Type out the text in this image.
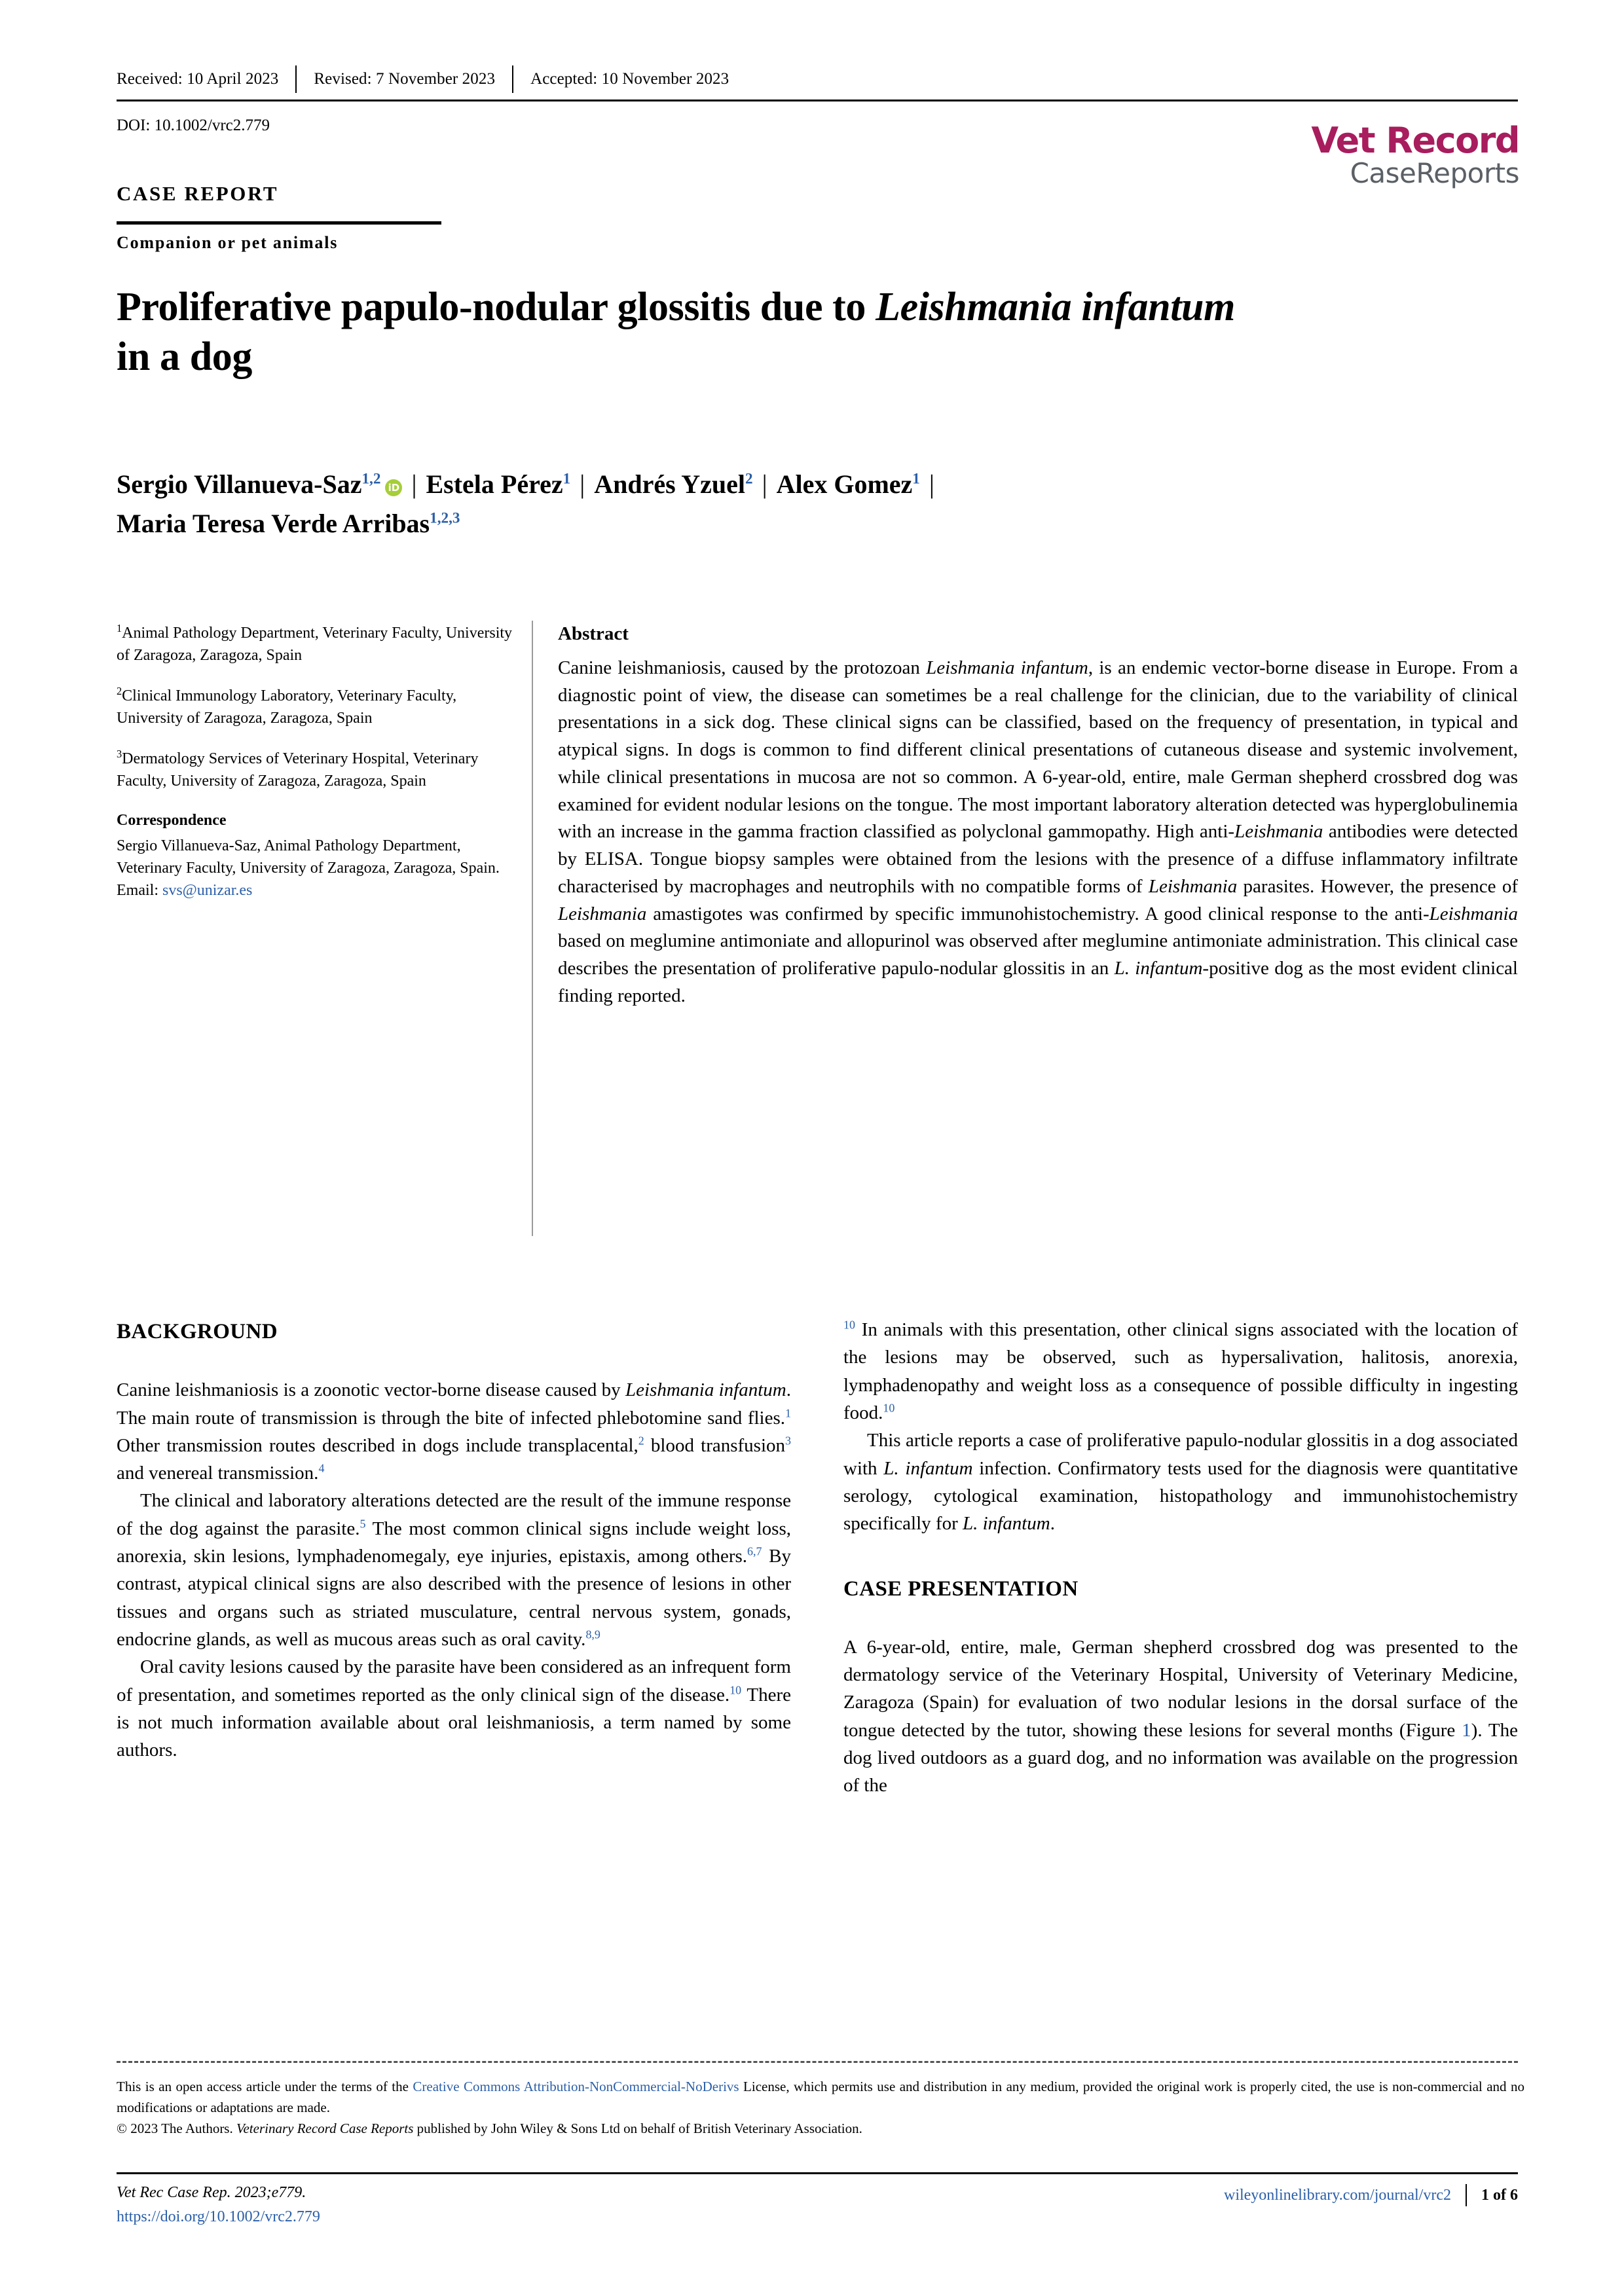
Received: 10 April 2023	Revised: 7 November 2023	Accepted: 10 November 2023
DOI: 10.1002/vrc2.779	Vet Record
CaseReports
CASE REPORT
Companion or pet animals
Proliferative papulo-nodular glossitis due to Leishmania infantum
in a dog
Sergio Villanueva-Saz$^{1,2}$iD | Estela Pérez$^1$ | Andrés Yzuel$^2$ | Alex Gomez$^1$ |
Maria Teresa Verde Arribas$^{1,2,3}$

$^1$Animal Pathology Department, Veterinary Faculty, University of Zaragoza, Zaragoza, Spain

$^2$Clinical Immunology Laboratory, Veterinary Faculty, University of Zaragoza, Zaragoza, Spain

$^3$Dermatology Services of Veterinary Hospital, Veterinary Faculty, University of Zaragoza, Zaragoza, Spain

Correspondence

Sergio Villanueva-Saz, Animal Pathology Department, Veterinary Faculty, University of Zaragoza, Zaragoza, Spain.
Email: svs@unizar.es

Abstract
Canine leishmaniosis, caused by the protozoan Leishmania infantum, is an endemic vector-borne disease in Europe. From a diagnostic point of view, the disease can sometimes be a real challenge for the clinician, due to the variability of clinical presentations in a sick dog. These clinical signs can be classified, based on the frequency of presentation, in typical and atypical signs. In dogs is common to find different clinical presentations of cutaneous disease and systemic involvement, while clinical presentations in mucosa are not so common. A 6-year-old, entire, male German shepherd crossbred dog was examined for evident nodular lesions on the tongue. The most important laboratory alteration detected was hyperglobulinemia with an increase in the gamma fraction classified as polyclonal gammopathy. High anti-Leishmania antibodies were detected by ELISA. Tongue biopsy samples were obtained from the lesions with the presence of a diffuse inflammatory infiltrate characterised by macrophages and neutrophils with no compatible forms of Leishmania parasites. However, the presence of Leishmania amastigotes was confirmed by specific immunohistochemistry. A good clinical response to the anti-Leishmania based on meglumine antimoniate and allopurinol was observed after meglumine antimoniate administration. This clinical case describes the presentation of proliferative papulo-nodular glossitis in an L. infantum-positive dog as the most evident clinical finding reported.
BACKGROUND

Canine leishmaniosis is a zoonotic vector-borne disease caused by Leishmania infantum. The main route of transmission is through the bite of infected phlebotomine sand flies.$^1$ Other transmission routes described in dogs include transplacental,$^2$ blood transfusion$^3$ and venereal transmission.$^4$

The clinical and laboratory alterations detected are the result of the immune response of the dog against the parasite.$^5$ The most common clinical signs include weight loss, anorexia, skin lesions, lymphadenomegaly, eye injuries, epistaxis, among others.$^{6,7}$ By contrast, atypical clinical signs are also described with the presence of lesions in other tissues and organs such as striated musculature, central nervous system, gonads, endocrine glands, as well as mucous areas such as oral cavity.$^{8,9}$

Oral cavity lesions caused by the parasite have been considered as an infrequent form of presentation, and sometimes reported as the only clinical sign of the disease.$^{10}$ There is not much information available about oral leishmaniosis, a term named by some authors.

$^{10}$ In animals with this presentation, other clinical signs associated with the location of the lesions may be observed, such as hypersalivation, halitosis, anorexia, lymphadenopathy and weight loss as a consequence of possible difficulty in ingesting food.$^{10}$

This article reports a case of proliferative papulo-nodular glossitis in a dog associated with L. infantum infection. Confirmatory tests used for the diagnosis were quantitative serology, cytological examination, histopathology and immunohistochemistry specifically for L. infantum.

CASE PRESENTATION

A 6-year-old, entire, male, German shepherd crossbred dog was presented to the dermatology service of the Veterinary Hospital, University of Veterinary Medicine, Zaragoza (Spain) for evaluation of two nodular lesions in the dorsal surface of the tongue detected by the tutor, showing these lesions for several months (Figure 1). The dog lived outdoors as a guard dog, and no information was available on the progression of the

This is an open access article under the terms of the Creative Commons Attribution-NonCommercial-NoDerivs License, which permits use and distribution in any medium, provided the original work is properly cited, the use is non-commercial and no modifications or adaptations are made.
© 2023 The Authors. Veterinary Record Case Reports published by John Wiley & Sons Ltd on behalf of British Veterinary Association.
Vet Rec Case Rep. 2023;e779.
https://doi.org/10.1002/vrc2.779
wileyonlinelibrary.com/journal/vrc2 1 of 6
